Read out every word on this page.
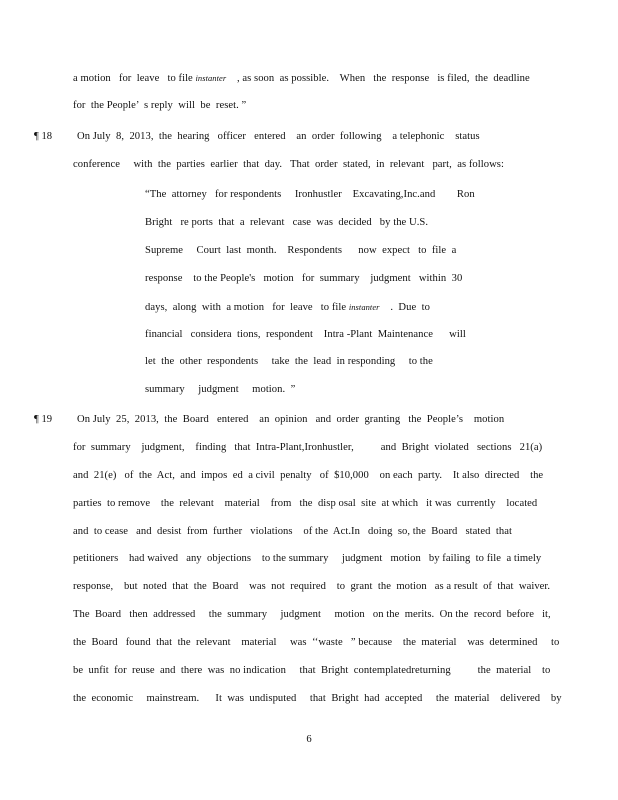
a motion   for  leave   to file instanter    , as soon  as possible.    When   the  response   is filed,  the  deadline
for  the People’  s reply  will  be  reset. ”
¶ 18 On July  8,  2013,  the  hearing   officer   entered    an  order  following    a telephonic    status
conference     with  the  parties  earlier  that  day.   That  order  stated,  in  relevant   part,  as follows:
“The  attorney   for respondents     Ironhustler    Excavating,Inc.and        Ron
Bright   re ports  that  a  relevant   case  was  decided   by the U.S.
Supreme     Court  last  month.    Respondents      now  expect   to  file  a
response    to the People's   motion   for  summary    judgment   within  30
days,  along  with  a motion   for  leave   to file instanter    .  Due  to
financial   considera  tions,  respondent    Intra -Plant  Maintenance      will
let  the  other  respondents     take  the  lead  in responding     to the
summary     judgment     motion.  ”
¶ 19 On July  25,  2013,  the  Board   entered    an  opinion   and  order  granting   the  People’s    motion
for  summary    judgment,    finding   that  Intra-Plant,Ironhustler,          and  Bright  violated   sections   21(a)
and  21(e)   of  the  Act,  and  impos  ed  a civil  penalty   of  $10,000    on each  party.    It also  directed    the
parties  to remove    the  relevant    material    from   the  disp osal  site  at which   it was  currently    located
and  to cease   and  desist  from  further   violations    of the  Act.In   doing  so, the  Board   stated  that
petitioners    had waived   any  objections    to the summary     judgment   motion   by failing  to file  a timely
response,    but  noted  that  the  Board    was  not  required    to  grant  the  motion   as a result  of  that  waiver.
The  Board   then  addressed     the  summary     judgment     motion   on the  merits.  On the  record  before   it,
the  Board   found  that  the  relevant    material     was  ‘‘waste   ” because    the  material    was  determined     to
be  unfit  for  reuse  and  there  was  no indication     that  Bright  contemplatedreturning          the  material    to
the  economic     mainstream.      It  was  undisputed     that  Bright  had  accepted     the  material    delivered    by
6
